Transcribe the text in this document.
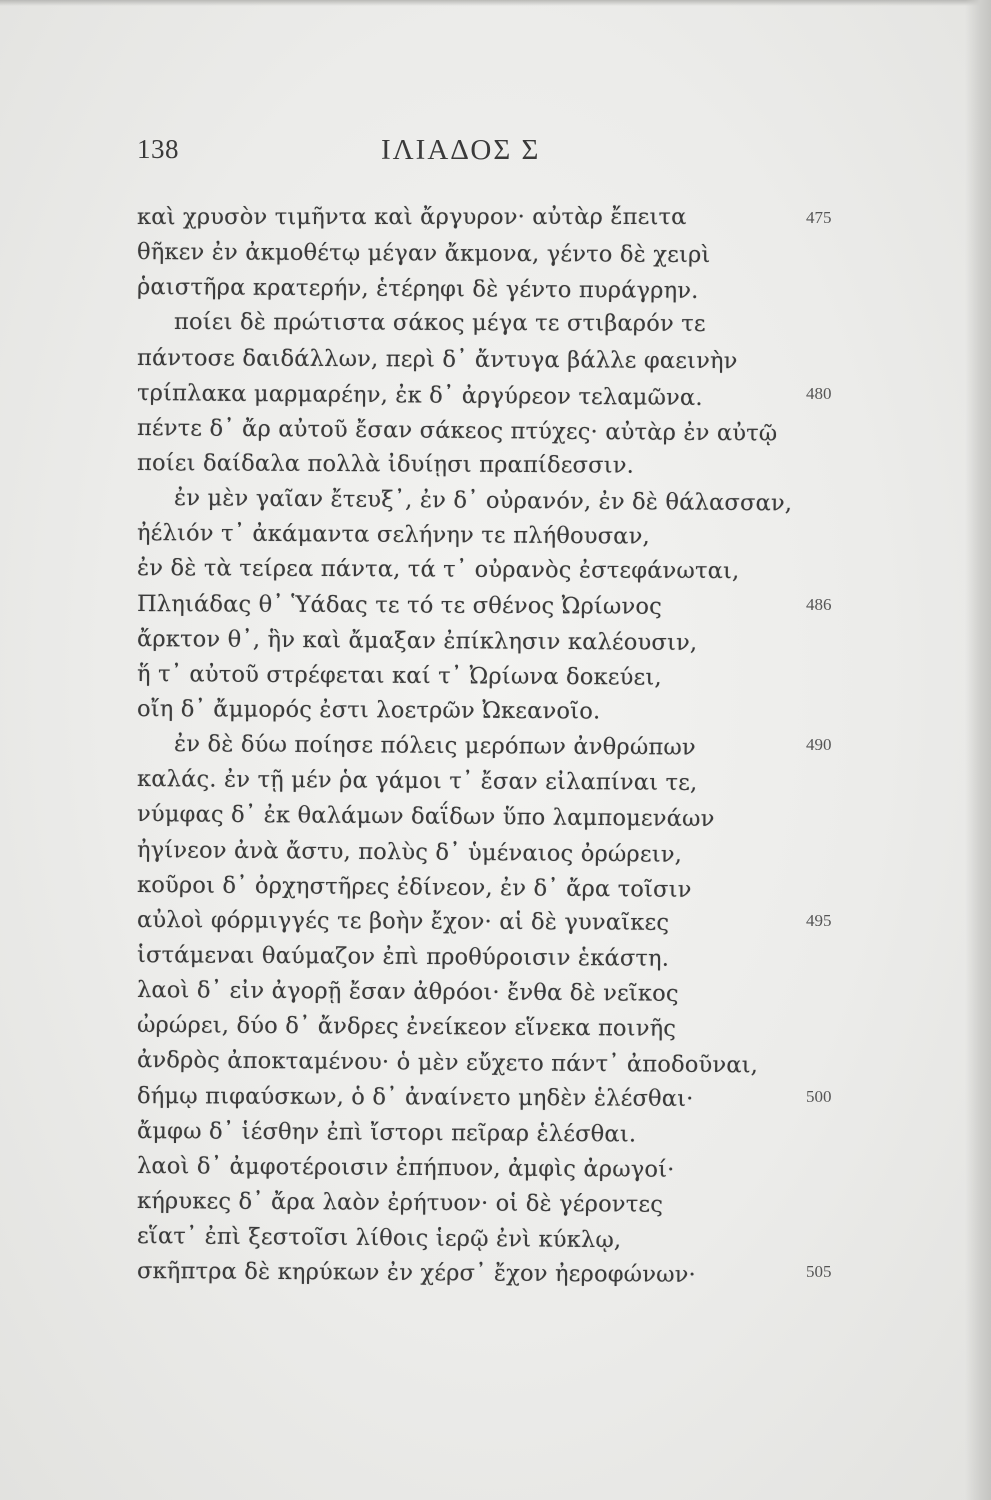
138	ΙΛΙΑΔΟΣ Σ
καὶ χρυσὸν τιμῆντα καὶ ἄργυρον· αὐτὰρ ἔπειτα	475
θῆκεν ἐν ἀκμοθέτῳ μέγαν ἄκμονα, γέντο δὲ χειρὶ
ῥαιστῆρα κρατερήν, ἑτέρηφι δὲ γέντο πυράγρην.
ποίει δὲ πρώτιστα σάκος μέγα τε στιβαρόν τε
πάντοσε δαιδάλλων, περὶ δ᾽ ἄντυγα βάλλε φαεινὴν
τρίπλακα μαρμαρέην, ἐκ δ᾽ ἀργύρεον τελαμῶνα.	480
πέντε δ᾽ ἄρ αὐτοῦ ἔσαν σάκεος πτύχες· αὐτὰρ ἐν αὐτῷ
ποίει δαίδαλα πολλὰ ἰδυίῃσι πραπίδεσσιν.
ἐν μὲν γαῖαν ἔτευξ᾽, ἐν δ᾽ οὐρανόν, ἐν δὲ θάλασσαν,
ἠέλιόν τ᾽ ἀκάμαντα σελήνην τε πλήθουσαν,
ἐν δὲ τὰ τείρεα πάντα, τά τ᾽ οὐρανὸς ἐστεφάνωται,
Πληιάδας θ᾽ Ὑάδας τε τό τε σθένος Ὠρίωνος	486
ἄρκτον θ᾽, ἣν καὶ ἄμαξαν ἐπίκλησιν καλέουσιν,
ἥ τ᾽ αὐτοῦ στρέφεται καί τ᾽ Ὠρίωνα δοκεύει,
οἴη δ᾽ ἄμμορός ἐστι λοετρῶν Ὠκεανοῖο.
ἐν δὲ δύω ποίησε πόλεις μερόπων ἀνθρώπων	490
καλάς. ἐν τῇ μέν ῥα γάμοι τ᾽ ἔσαν εἰλαπίναι τε,
νύμφας δ᾽ ἐκ θαλάμων δαΐδων ὕπο λαμπομενάων
ἠγίνεον ἀνὰ ἄστυ, πολὺς δ᾽ ὑμέναιος ὀρώρειν,
κοῦροι δ᾽ ὀρχηστῆρες ἐδίνεον, ἐν δ᾽ ἄρα τοῖσιν
αὐλοὶ φόρμιγγές τε βοὴν ἔχον· αἱ δὲ γυναῖκες	495
ἱστάμεναι θαύμαζον ἐπὶ προθύροισιν ἑκάστη.
λαοὶ δ᾽ εἰν ἀγορῇ ἔσαν ἀθρόοι· ἔνθα δὲ νεῖκος
ὠρώρει, δύο δ᾽ ἄνδρες ἐνείκεον εἵνεκα ποινῆς
ἀνδρὸς ἀποκταμένου· ὁ μὲν εὔχετο πάντ᾽ ἀποδοῦναι,
δήμῳ πιφαύσκων, ὁ δ᾽ ἀναίνετο μηδὲν ἑλέσθαι·	500
ἄμφω δ᾽ ἱέσθην ἐπὶ ἴστορι πεῖραρ ἑλέσθαι.
λαοὶ δ᾽ ἀμφοτέροισιν ἐπήπυον, ἀμφὶς ἀρωγοί·
κήρυκες δ᾽ ἄρα λαὸν ἐρήτυον· οἱ δὲ γέροντες
εἵατ᾽ ἐπὶ ξεστοῖσι λίθοις ἱερῷ ἐνὶ κύκλῳ,
σκῆπτρα δὲ κηρύκων ἐν χέρσ᾽ ἔχον ἠεροφώνων·	505
